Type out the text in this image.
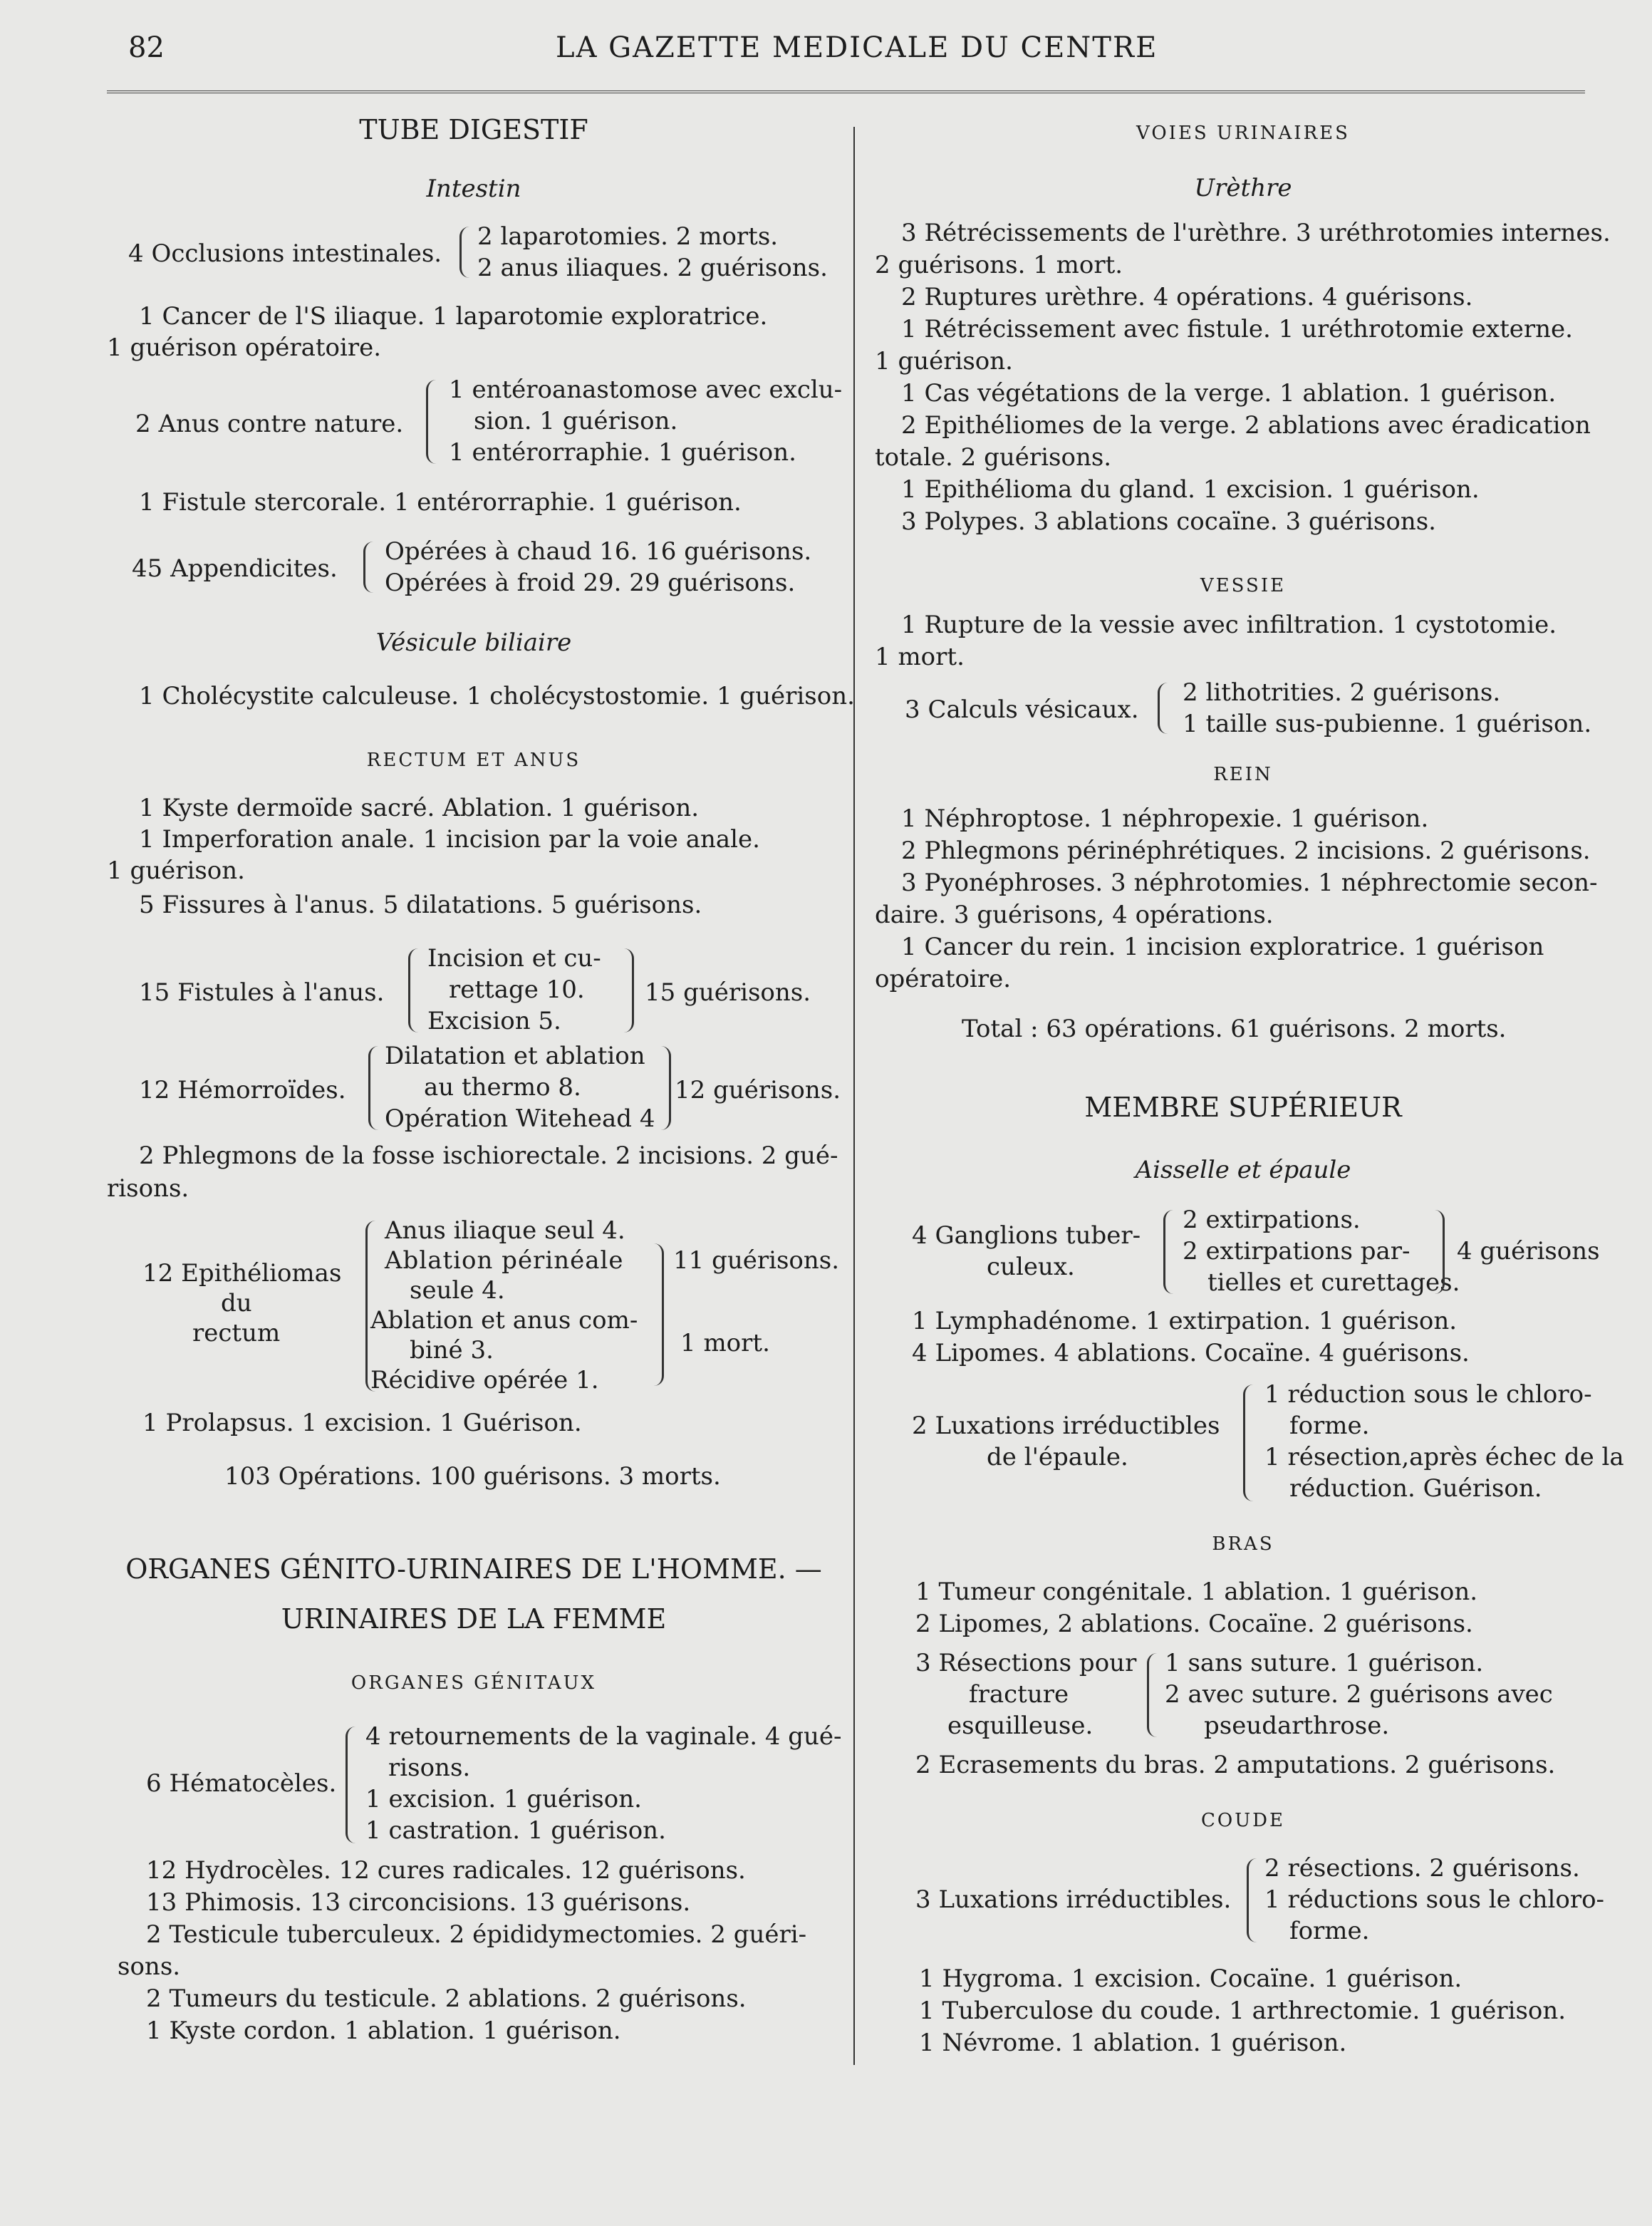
82	LA GAZETTE MEDICALE DU CENTRE
TUBE DIGESTIF
Intestin
4 Occlusions intestinales.
2 laparotomies. 2 morts.
2 anus iliaques. 2 guérisons.
1 Cancer de l'S iliaque. 1 laparotomie exploratrice.
1 guérison opératoire.
2 Anus contre nature.
1 entéroanastomose avec exclu-
sion. 1 guérison.
1 entérorraphie. 1 guérison.
1 Fistule stercorale. 1 entérorraphie. 1 guérison.
45 Appendicites.
Opérées à chaud 16. 16 guérisons.
Opérées à froid 29. 29 guérisons.
Vésicule biliaire
1 Cholécystite calculeuse. 1 cholécystostomie. 1 guérison.
RECTUM ET ANUS
1 Kyste dermoïde sacré. Ablation. 1 guérison.
1 Imperforation anale. 1 incision par la voie anale.
1 guérison.
5 Fissures à l'anus. 5 dilatations. 5 guérisons.
15 Fistules à l'anus.
Incision et cu-
rettage 10.
Excision 5.
15 guérisons.
12 Hémorroïdes.
Dilatation et ablation
au thermo 8.
Opération Witehead 4
12 guérisons.
2 Phlegmons de la fosse ischiorectale. 2 incisions. 2 gué-
risons.
12 Epithéliomas
du
rectum
Anus iliaque seul 4.
Ablation périnéale
seule 4.
Ablation et anus com-
biné 3.
Récidive opérée 1.
11 guérisons.
1 mort.
1 Prolapsus. 1 excision. 1 Guérison.
103 Opérations. 100 guérisons. 3 morts.
ORGANES GÉNITO-URINAIRES DE L'HOMME. —
URINAIRES DE LA FEMME
ORGANES GÉNITAUX
6 Hématocèles.
4 retournements de la vaginale. 4 gué-
risons.
1 excision. 1 guérison.
1 castration. 1 guérison.
12 Hydrocèles. 12 cures radicales. 12 guérisons.
13 Phimosis. 13 circoncisions. 13 guérisons.
2 Testicule tuberculeux. 2 épididymectomies. 2 guéri-
sons.
2 Tumeurs du testicule. 2 ablations. 2 guérisons.
1 Kyste cordon. 1 ablation. 1 guérison.
VOIES URINAIRES
Urèthre
3 Rétrécissements de l'urèthre. 3 uréthrotomies internes.
2 guérisons. 1 mort.
2 Ruptures urèthre. 4 opérations. 4 guérisons.
1 Rétrécissement avec fistule. 1 uréthrotomie externe.
1 guérison.
1 Cas végétations de la verge. 1 ablation. 1 guérison.
2 Epithéliomes de la verge. 2 ablations avec éradication
totale. 2 guérisons.
1 Epithélioma du gland. 1 excision. 1 guérison.
3 Polypes. 3 ablations cocaïne. 3 guérisons.
VESSIE
1 Rupture de la vessie avec infiltration. 1 cystotomie.
1 mort.
3 Calculs vésicaux.
2 lithotrities. 2 guérisons.
1 taille sus-pubienne. 1 guérison.
REIN
1 Néphroptose. 1 néphropexie. 1 guérison.
2 Phlegmons périnéphrétiques. 2 incisions. 2 guérisons.
3 Pyonéphroses. 3 néphrotomies. 1 néphrectomie secon-
daire. 3 guérisons, 4 opérations.
1 Cancer du rein. 1 incision exploratrice. 1 guérison
opératoire.
Total : 63 opérations. 61 guérisons. 2 morts.
MEMBRE SUPÉRIEUR
Aisselle et épaule
4 Ganglions tuber-
culeux.
2 extirpations.
2 extirpations par-
tielles et curettages.
4 guérisons
1 Lymphadénome. 1 extirpation. 1 guérison.
4 Lipomes. 4 ablations. Cocaïne. 4 guérisons.
2 Luxations irréductibles
de l'épaule.
1 réduction sous le chloro-
forme.
1 résection,après échec de la
réduction. Guérison.
BRAS
1 Tumeur congénitale. 1 ablation. 1 guérison.
2 Lipomes, 2 ablations. Cocaïne. 2 guérisons.
3 Résections pour
fracture
esquilleuse.
1 sans suture. 1 guérison.
2 avec suture. 2 guérisons avec
pseudarthrose.
2 Ecrasements du bras. 2 amputations. 2 guérisons.
COUDE
3 Luxations irréductibles.
2 résections. 2 guérisons.
1 réductions sous le chloro-
forme.
1 Hygroma. 1 excision. Cocaïne. 1 guérison.
1 Tuberculose du coude. 1 arthrectomie. 1 guérison.
1 Névrome. 1 ablation. 1 guérison.
